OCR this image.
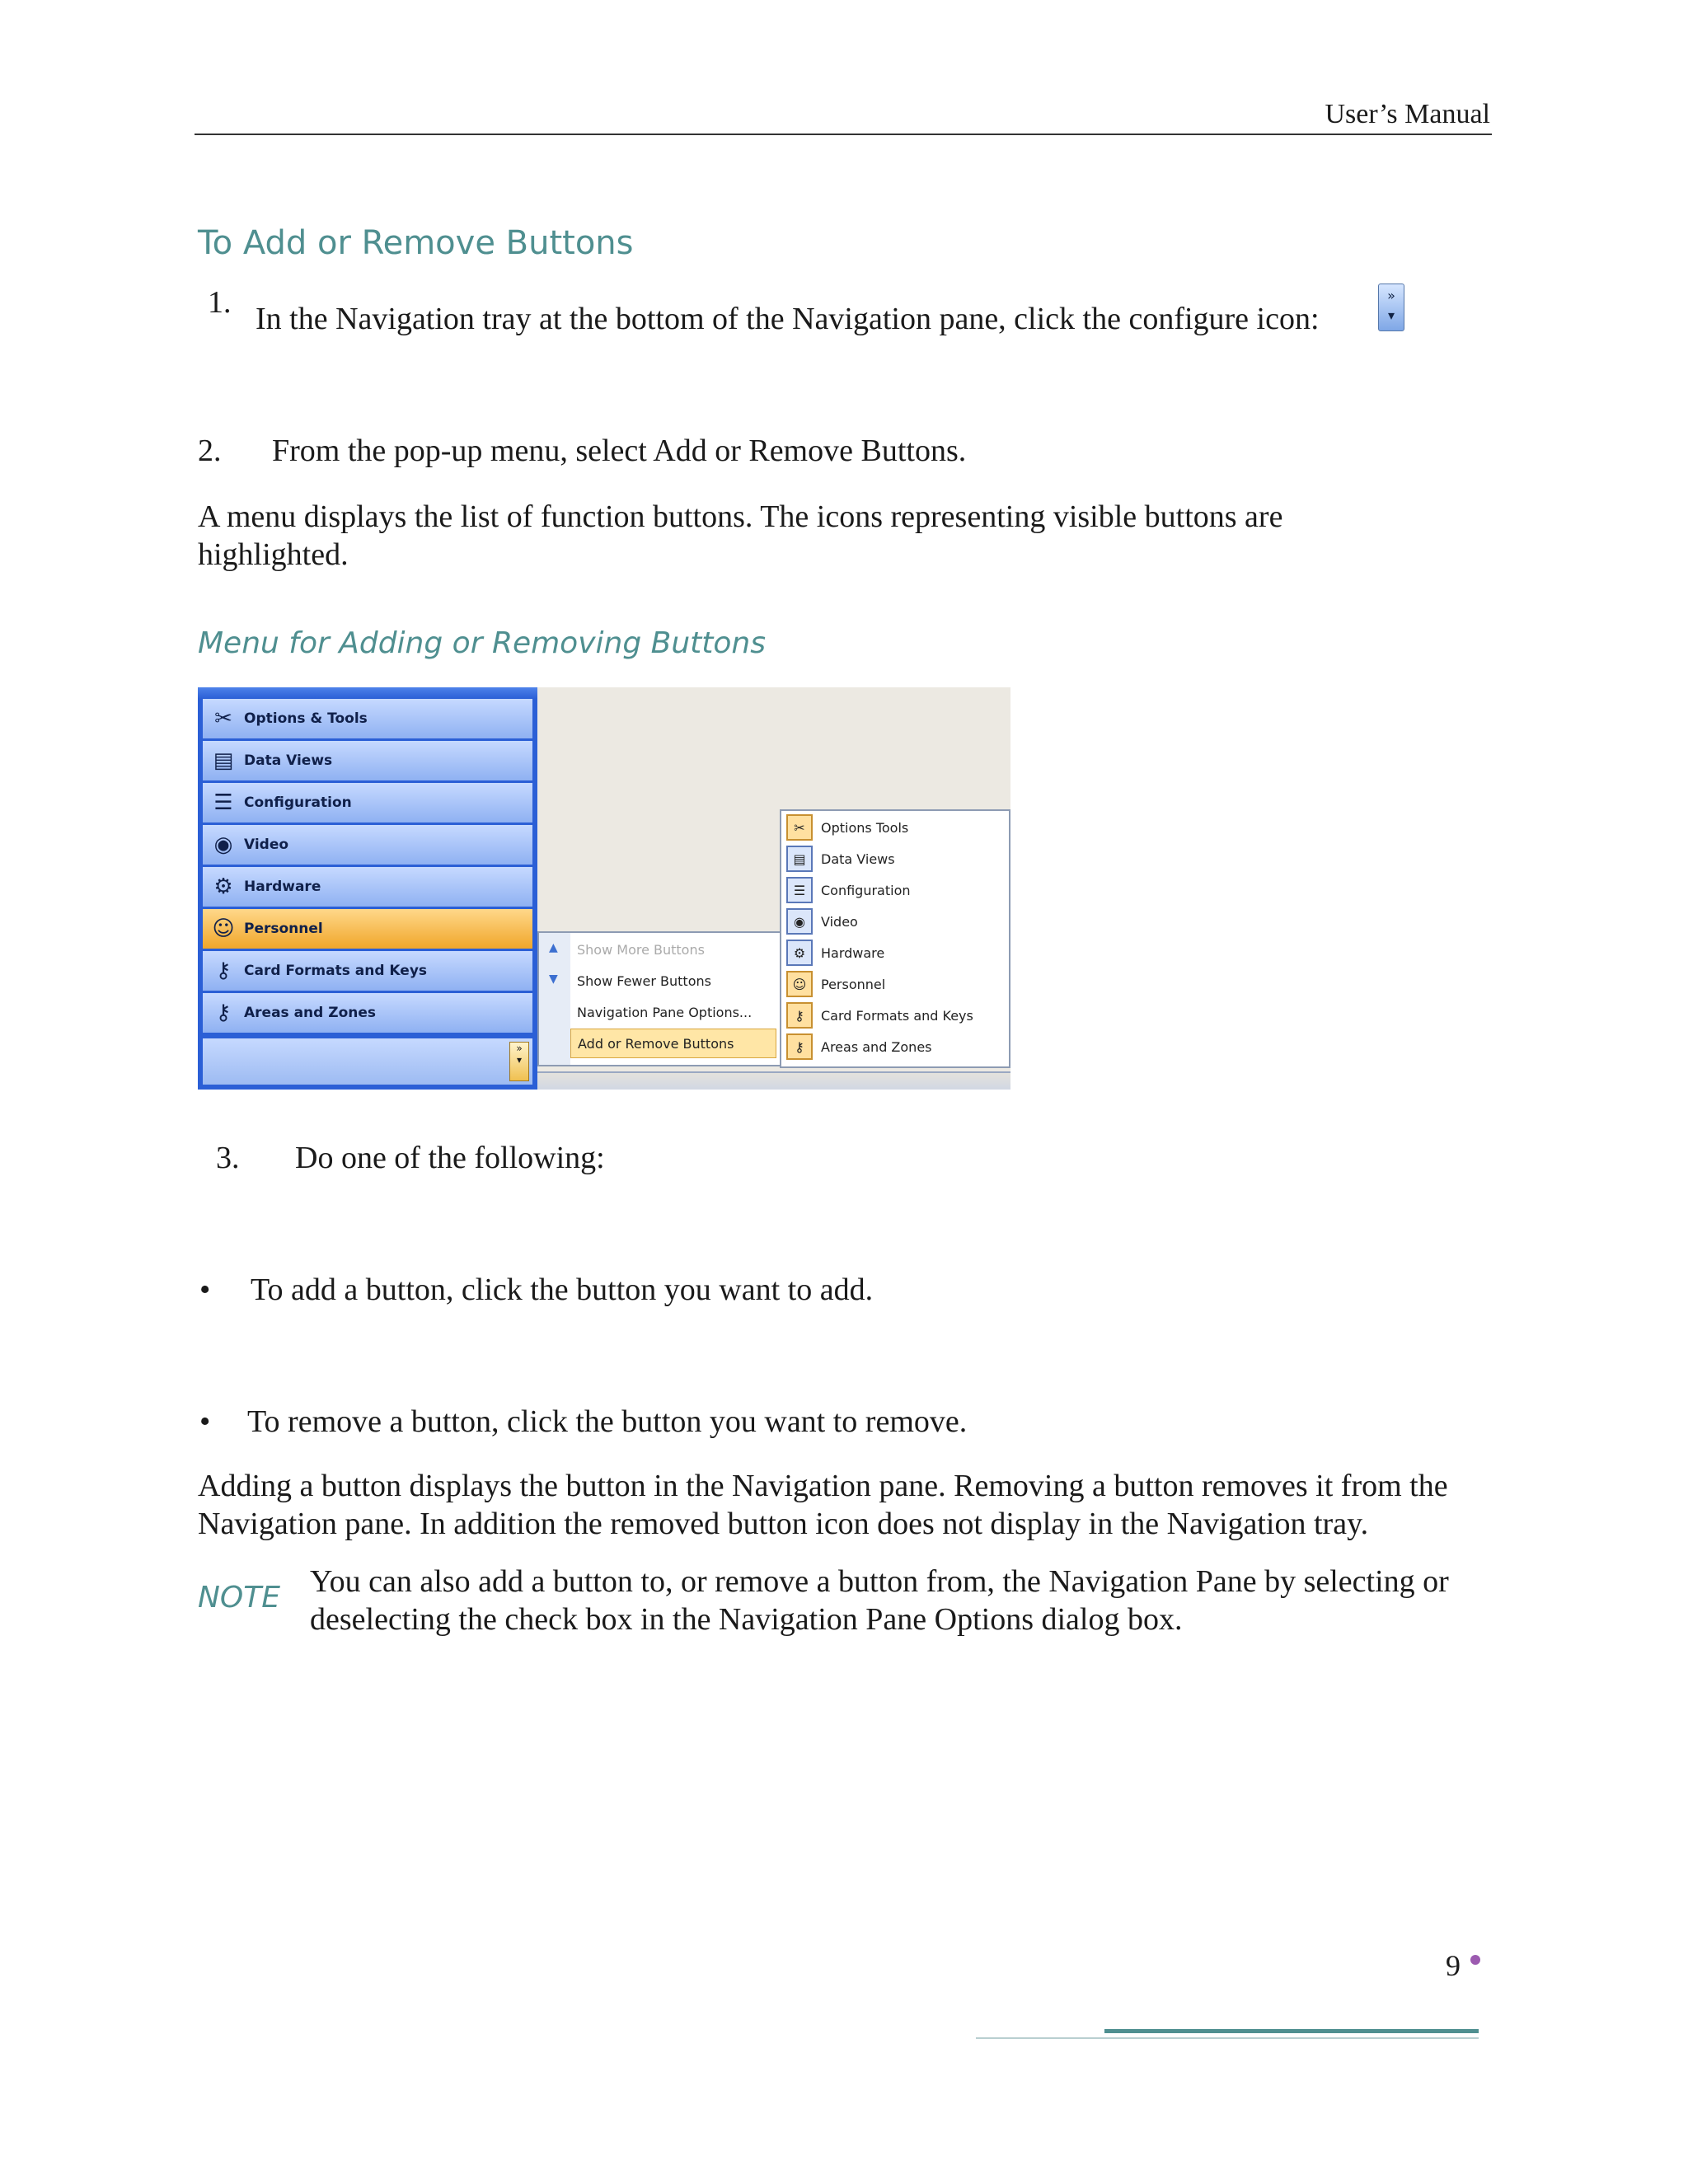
User’s Manual
To Add or Remove Buttons
1. In the Navigation tray at the bottom of the Navigation pane, click the configure icon:
»
▾
2. From the pop-up menu, select Add or Remove Buttons.
A menu displays the list of function buttons. The icons representing visible buttons are highlighted.
Menu for Adding or Removing Buttons
✂ Options & Tools
▤ Data Views
☰ Configuration
◉ Video
⚙ Hardware
☺ Personnel
⚷ Card Formats and Keys
⚷ Areas and Zones
»
▾
▲
▼
Show More Buttons
Show Fewer Buttons
Navigation Pane Options...
Add or Remove Buttons
✂	Options Tools
▤	Data Views
☰	Configuration
◉	Video
⚙	Hardware
☺	Personnel
⚷	Card Formats and Keys
⚷	Areas and Zones
3. Do one of the following:
• To add a button, click the button you want to add.
• To remove a button, click the button you want to remove.
Adding a button displays the button in the Navigation pane. Removing a button removes it from the Navigation pane. In addition the removed button icon does not display in the Navigation tray.
NOTE You can also add a button to, or remove a button from, the Navigation Pane by selecting or deselecting the check box in the Navigation Pane Options dialog box.
9
